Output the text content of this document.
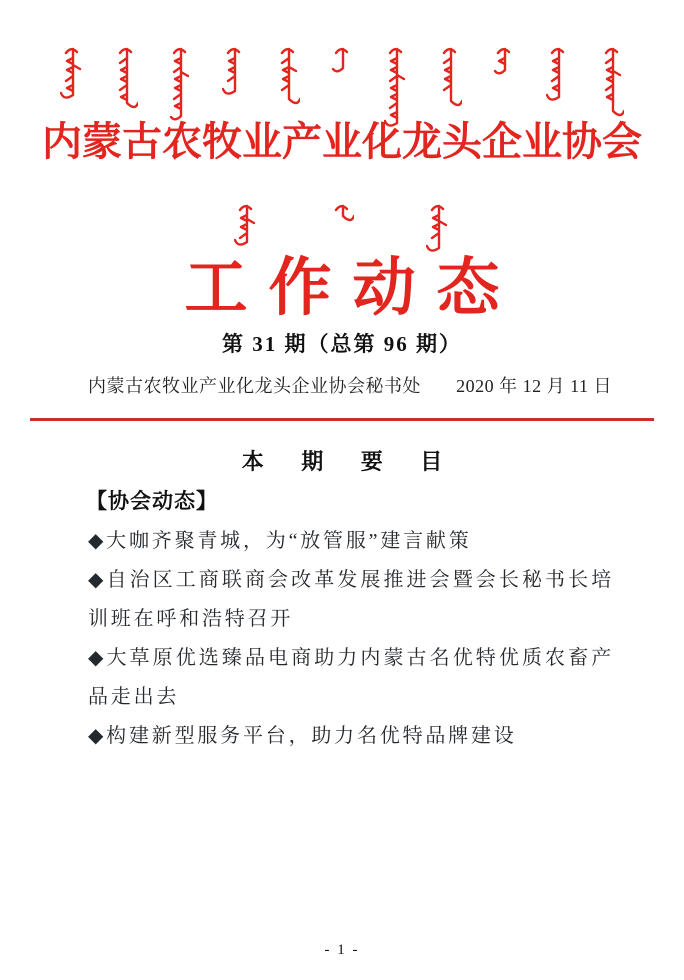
内蒙古农牧业产业化龙头企业协会
工作动态
第 31 期（总第 96 期）
内蒙古农牧业产业化龙头企业协会秘书处 2020 年 12 月 11 日
本 期 要 目
【协会动态】
◆大咖齐聚青城，为“放管服”建言献策
◆自治区工商联商会改革发展推进会暨会长秘书长培训班在呼和浩特召开
◆大草原优选臻品电商助力内蒙古名优特优质农畜产品走出去
◆构建新型服务平台，助力名优特品牌建设
- 1 -
